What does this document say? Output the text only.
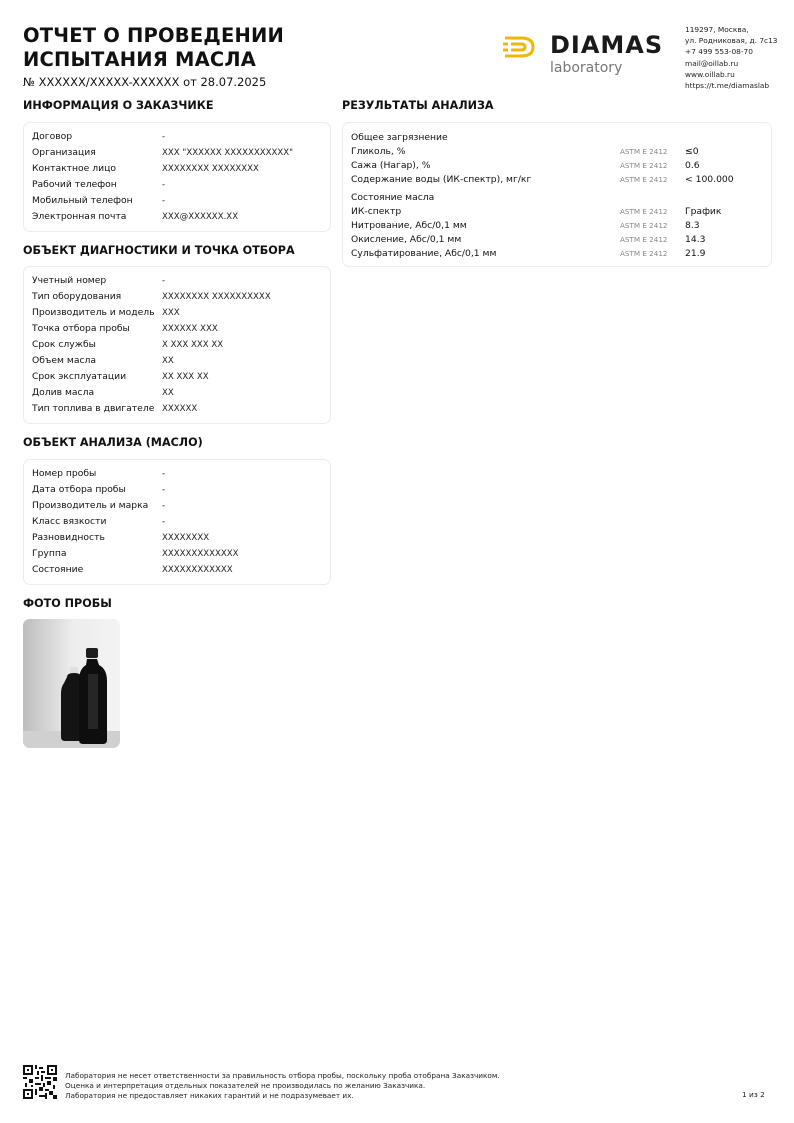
ОТЧЕТ О ПРОВЕДЕНИИ
ИСПЫТАНИЯ МАСЛА
№ XXXXXX/XXXXX-XXXXXX от 28.07.2025
DIAMAS
laboratory
119297, Москва,
ул. Родниковая, д. 7с13
+7 499 553-08-70
mail@oillab.ru
www.oillab.ru
https://t.me/diamaslab
ИНФОРМАЦИЯ О ЗАКАЗЧИКЕ
Договор	-
Организация	XXX "XXXXXX XXXXXXXXXXX"
Контактное лицо	XXXXXXXX XXXXXXXX
Рабочий телефон	-
Мобильный телефон	-
Электронная почта	XXX@XXXXXX.XX
ОБЪЕКТ ДИАГНОСТИКИ И ТОЧКА ОТБОРА
Учетный номер	-
Тип оборудования	XXXXXXXX XXXXXXXXXX
Производитель и модель XXX
Точка отбора пробы	XXXXXX XXX
Срок службы	X XXX XXX XX
Объем масла	XX
Срок эксплуатации	XX XXX XX
Долив масла	XX
Тип топлива в двигателе XXXXXX
ОБЪЕКТ АНАЛИЗА (МАСЛО)
Номер пробы	-
Дата отбора пробы	-
Производитель и марка -
Класс вязкости	-
Разновидность	XXXXXXXX
Группа	XXXXXXXXXXXXX
Состояние	XXXXXXXXXXXX
ФОТО ПРОБЫ
РЕЗУЛЬТАТЫ АНАЛИЗА
Общее загрязнение
Гликоль, %	ASTM E 2412 ≤0
Сажа (Нагар), %	ASTM E 2412 0.6
Содержание воды (ИК-спектр), мг/кг	ASTM E 2412 < 100.000
Состояние масла
ИК-спектр	ASTM E 2412 График
Нитрование, Абс/0,1 мм	ASTM E 2412 8.3
Окисление, Абс/0,1 мм	ASTM E 2412 14.3
Сульфатирование, Абс/0,1 мм	ASTM E 2412 21.9
Лаборатория не несет ответственности за правильность отбора пробы, поскольку проба отобрана Заказчиком.
Оценка и интерпретация отдельных показателей не производилась по желанию Заказчика.
Лаборатория не предоставляет никаких гарантий и не подразумевает их.	1 из 2
